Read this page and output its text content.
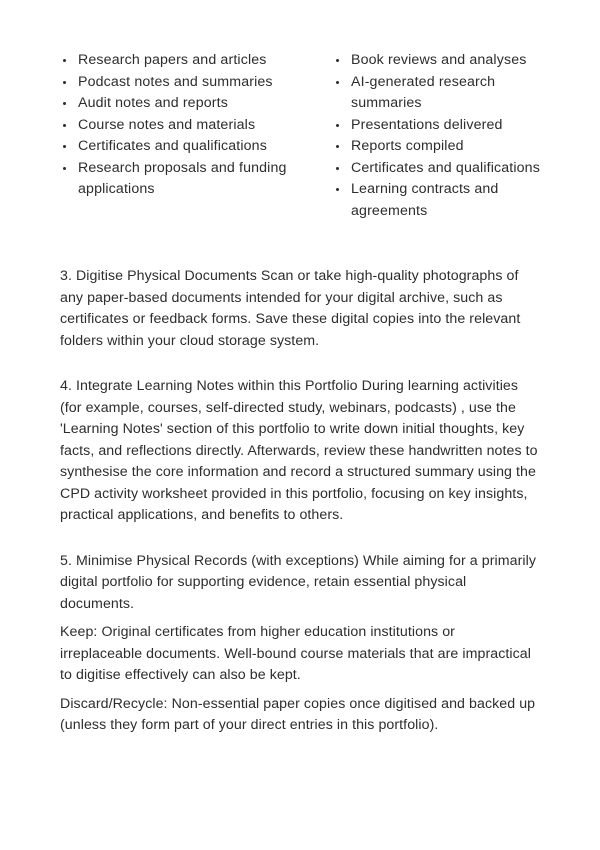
Research papers and articles
Podcast notes and summaries
Audit notes and reports
Course notes and materials
Certificates and qualifications
Research proposals and funding applications
Book reviews and analyses
AI-generated research summaries
Presentations delivered
Reports compiled
Certificates and qualifications
Learning contracts and agreements

3. Digitise Physical Documents Scan or take high-quality photographs of any paper-based documents intended for your digital archive, such as certificates or feedback forms. Save these digital copies into the relevant folders within your cloud storage system.

4. Integrate Learning Notes within this Portfolio During learning activities (for example, courses, self-directed study, webinars, podcasts) , use the 'Learning Notes' section of this portfolio to write down initial thoughts, key facts, and reflections directly. Afterwards, review these handwritten notes to synthesise the core information and record a structured summary using the CPD activity worksheet provided in this portfolio, focusing on key insights, practical applications, and benefits to others.

5. Minimise Physical Records (with exceptions) While aiming for a primarily digital portfolio for supporting evidence, retain essential physical documents.

Keep: Original certificates from higher education institutions or irreplaceable documents. Well-bound course materials that are impractical to digitise effectively can also be kept.

Discard/Recycle: Non-essential paper copies once digitised and backed up (unless they form part of your direct entries in this portfolio).
